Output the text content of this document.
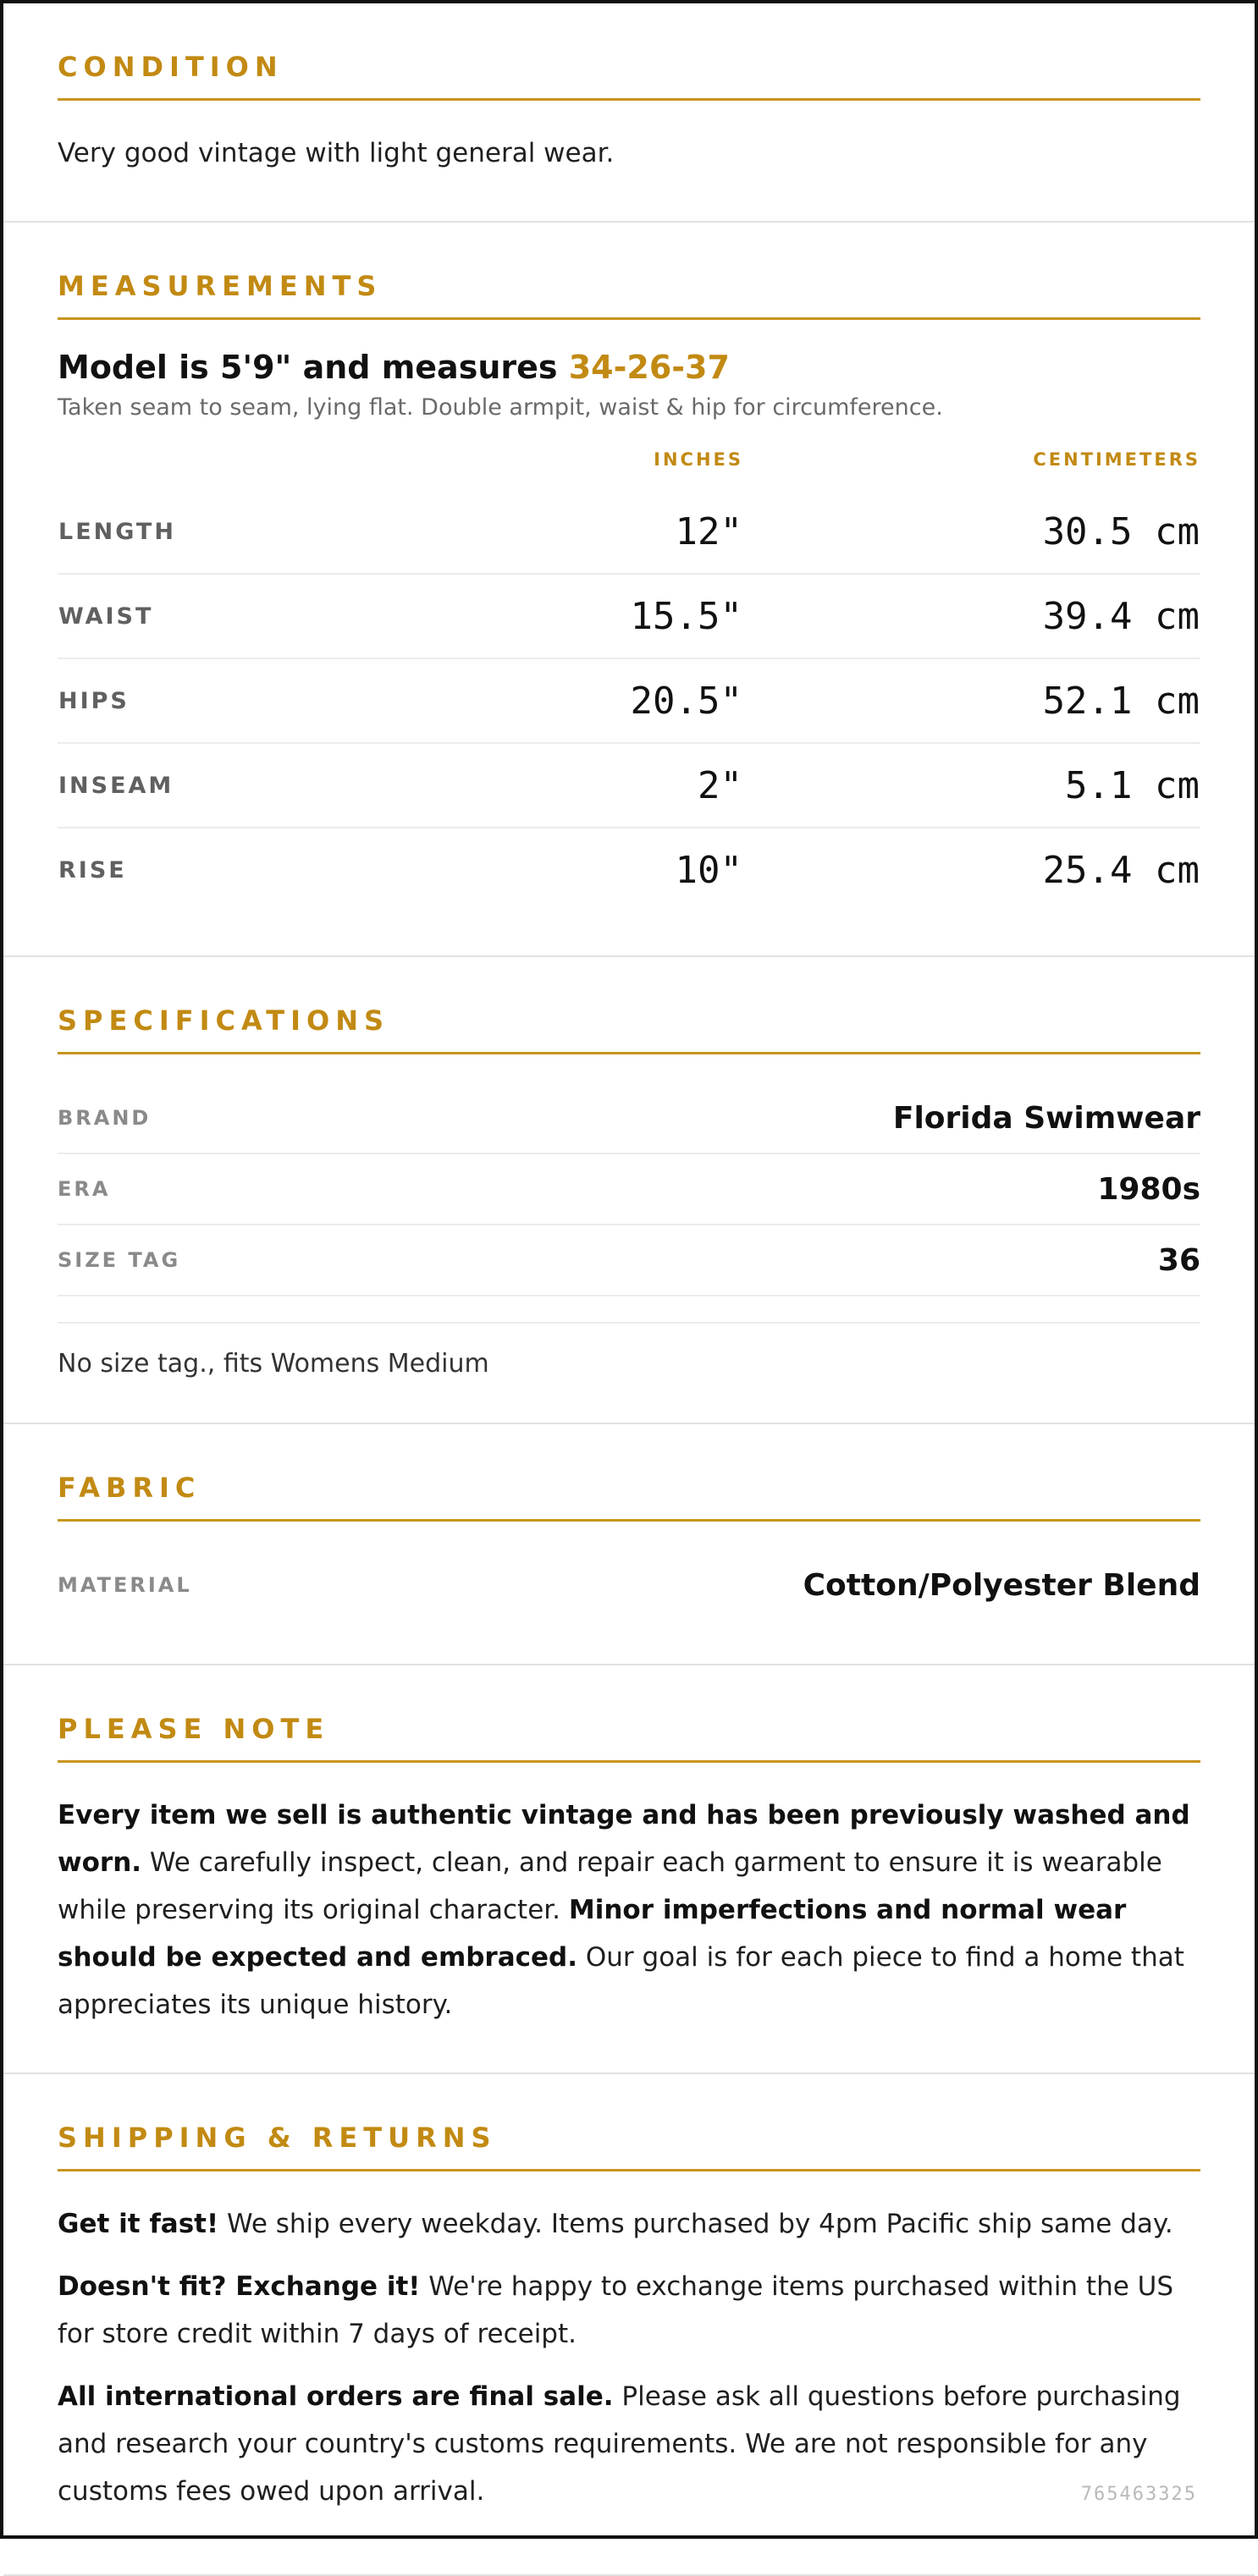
CONDITION

Very good vintage with light general wear.

MEASUREMENTS

Model is 5'9" and measures 34-26-37

Taken seam to seam, lying flat. Double armpit, waist & hip for circumference.

	INCHES	CENTIMETERS
LENGTH	12"	30.5 cm
WAIST	15.5"	39.4 cm
HIPS	20.5"	52.1 cm
INSEAM	2"	5.1 cm
RISE	10"	25.4 cm
SPECIFICATIONS
BRAND	Florida Swimwear
ERA	1980s
SIZE TAG	36

No size tag., fits Womens Medium

FABRIC
MATERIAL	Cotton/Polyester Blend
PLEASE NOTE

Every item we sell is authentic vintage and has been previously washed and worn. We carefully inspect, clean, and repair each garment to ensure it is wearable while preserving its original character. Minor imperfections and normal wear should be expected and embraced. Our goal is for each piece to find a home that appreciates its unique history.

SHIPPING & RETURNS

Get it fast! We ship every weekday. Items purchased by 4pm Pacific ship same day.

Doesn't fit? Exchange it! We're happy to exchange items purchased within the US for store credit within 7 days of receipt.

All international orders are final sale. Please ask all questions before purchasing and research your country's customs requirements. We are not responsible for any customs fees owed upon arrival.	765463325
